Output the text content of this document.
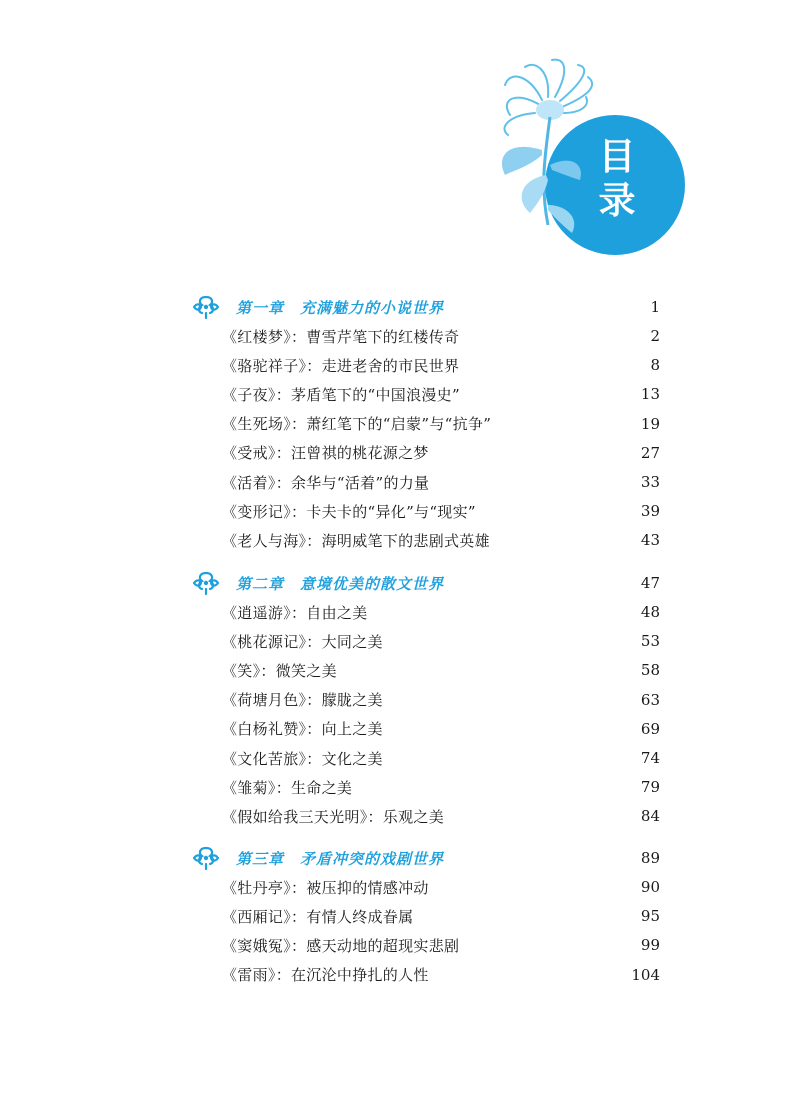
目录
第一章　充满魅力的小说世界	1
《红楼梦》：曹雪芹笔下的红楼传奇	2
《骆驼祥子》：走进老舍的市民世界	8
《子夜》：茅盾笔下的“中国浪漫史”	13
《生死场》：萧红笔下的“启蒙”与“抗争”	19
《受戒》：汪曾祺的桃花源之梦	27
《活着》：余华与“活着”的力量	33
《变形记》：卡夫卡的“异化”与“现实”	39
《老人与海》：海明威笔下的悲剧式英雄	43
第二章　意境优美的散文世界	47
《逍遥游》：自由之美	48
《桃花源记》：大同之美	53
《笑》：微笑之美	58
《荷塘月色》：朦胧之美	63
《白杨礼赞》：向上之美	69
《文化苦旅》：文化之美	74
《雏菊》：生命之美	79
《假如给我三天光明》：乐观之美	84
第三章　矛盾冲突的戏剧世界	89
《牡丹亭》：被压抑的情感冲动	90
《西厢记》：有情人终成眷属	95
《窦娥冤》：感天动地的超现实悲剧	99
《雷雨》：在沉沦中挣扎的人性	104
